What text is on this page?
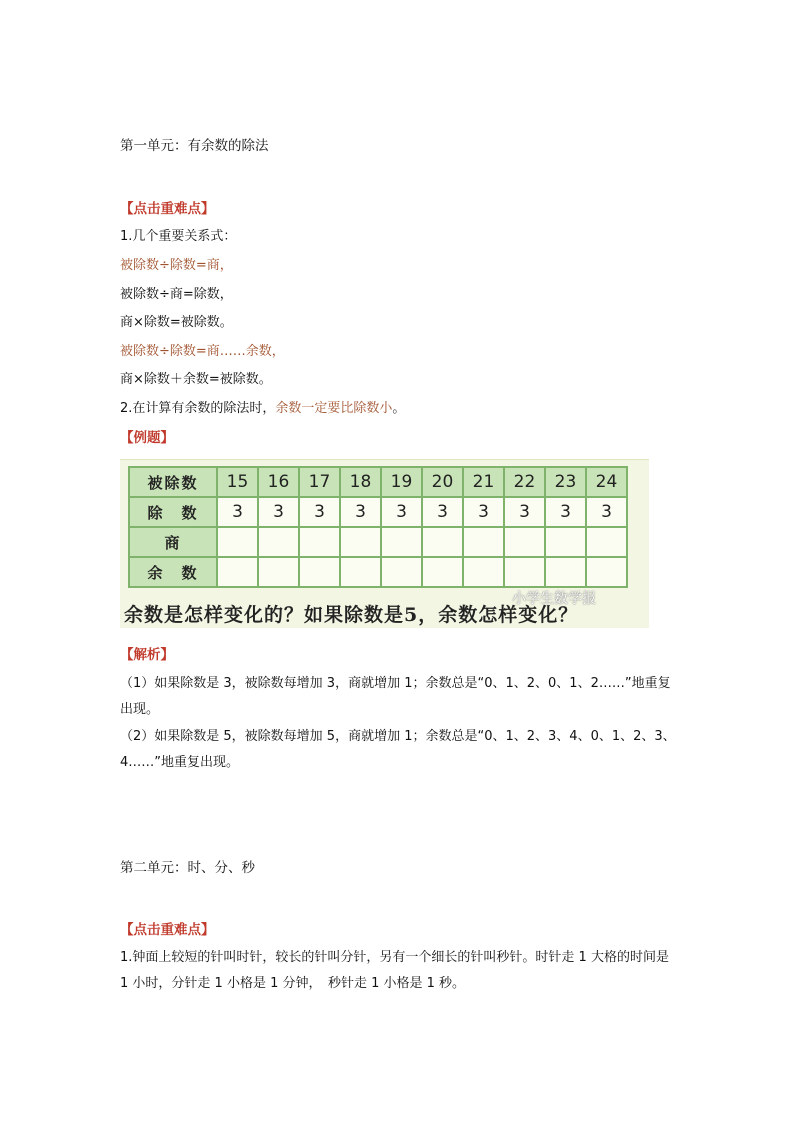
第一单元：有余数的除法
【点击重难点】
1.几个重要关系式：
被除数÷除数=商，
被除数÷商=除数，
商×除数=被除数。
被除数÷除数=商……余数，
商×除数＋余数=被除数。
2.在计算有余数的除法时，余数一定要比除数小。
【例题】
被除数	15	16	17	18	19	20	21	22	23	24
除　数	3	3	3	3	3	3	3	3	3	3
商										
余　数										
小学生数学报
余数是怎样变化的？如果除数是5，余数怎样变化？
【解析】
（1）如果除数是 3，被除数每增加 3，商就增加 1；余数总是“0、1、2、0、1、2……”地重复出现。
（2）如果除数是 5，被除数每增加 5，商就增加 1；余数总是“0、1、2、3、4、0、1、2、3、4……”地重复出现。
第二单元：时、分、秒
【点击重难点】
1.钟面上较短的针叫时针，较长的针叫分针，另有一个细长的针叫秒针。时针走 1 大格的时间是 1 小时，分针走 1 小格是 1 分钟，　秒针走 1 小格是 1 秒。
